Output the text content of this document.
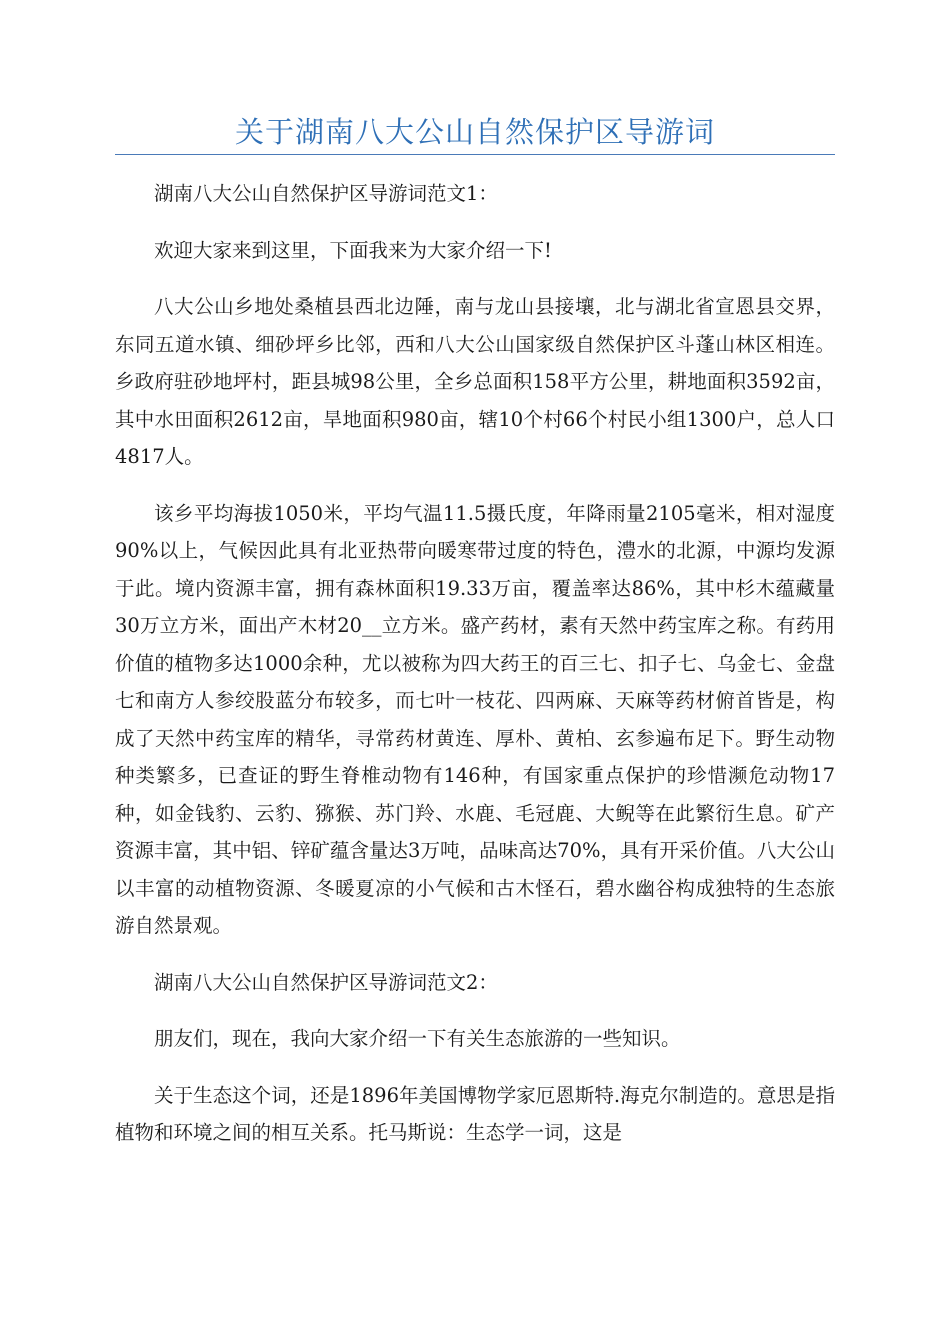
关于湖南八大公山自然保护区导游词

湖南八大公山自然保护区导游词范文1：

欢迎大家来到这里，下面我来为大家介绍一下!

八大公山乡地处桑植县西北边陲，南与龙山县接壤，北与湖北省宣恩县交界，东同五道水镇、细砂坪乡比邻，西和八大公山国家级自然保护区斗蓬山林区相连。乡政府驻砂地坪村，距县城98公里，全乡总面积158平方公里，耕地面积3592亩，其中水田面积2612亩，旱地面积980亩，辖10个村66个村民小组1300户，总人口4817人。

该乡平均海拔1050米，平均气温11.5摄氏度，年降雨量2105毫米，相对湿度90%以上，气候因此具有北亚热带向暖寒带过度的特色，澧水的北源，中源均发源于此。境内资源丰富，拥有森林面积19.33万亩，覆盖率达86%，其中杉木蕴藏量30万立方米，面出产木材20__立方米。盛产药材，素有天然中药宝库之称。有药用价值的植物多达1000余种，尤以被称为四大药王的百三七、扣子七、乌金七、金盘七和南方人参绞股蓝分布较多，而七叶一枝花、四两麻、天麻等药材俯首皆是，构成了天然中药宝库的精华，寻常药材黄连、厚朴、黄柏、玄参遍布足下。野生动物种类繁多，已查证的野生脊椎动物有146种，有国家重点保护的珍惜濒危动物17种，如金钱豹、云豹、猕猴、苏门羚、水鹿、毛冠鹿、大鲵等在此繁衍生息。矿产资源丰富，其中铝、锌矿蕴含量达3万吨，品味高达70%，具有开采价值。八大公山以丰富的动植物资源、冬暖夏凉的小气候和古木怪石，碧水幽谷构成独特的生态旅游自然景观。

湖南八大公山自然保护区导游词范文2：

朋友们，现在，我向大家介绍一下有关生态旅游的一些知识。

关于生态这个词，还是1896年美国博物学家厄恩斯特.海克尔制造的。意思是指植物和环境之间的相互关系。托马斯说：生态学一词，这是
